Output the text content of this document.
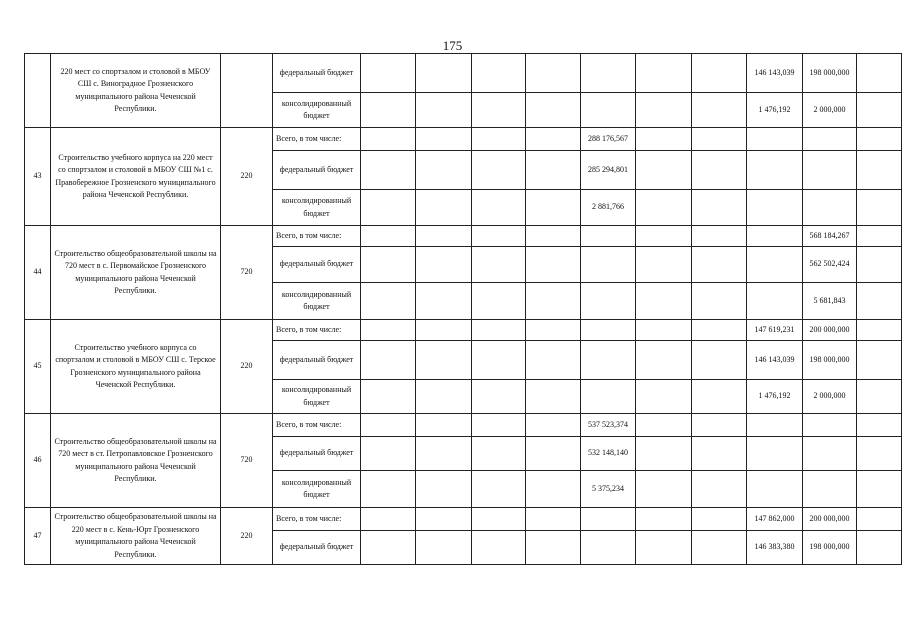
175
	220 мест со спортзалом и столовой в МБОУ СШ с. Виноградное Грозненского муниципального района Чеченской Республики.		федеральный бюджет								146 143,039	198 000,000	
			консолидированный бюджет								1 476,192	2 000,000	
43	Строительство учебного корпуса на 220 мест со спортзалом и столовой в МБОУ СШ №1 с. Правобережное Грозненского муниципального района Чеченской Республики.	220	Всего, в том числе:					288 176,567					
			федеральный бюджет					285 294,801					
			консолидированный бюджет					2 881,766					
44	Строительство общеобразовательной школы на 720 мест в с. Первомайское Грозненского муниципального района Чеченской Республики.	720	Всего, в том числе:									568 184,267	
			федеральный бюджет									562 502,424	
			консолидированный бюджет									5 681,843	
45	Строительство учебного корпуса со спортзалом и столовой в МБОУ СШ с. Терское Грозненского муниципального района Чеченской Республики.	220	Всего, в том числе:								147 619,231	200 000,000	
			федеральный бюджет								146 143,039	198 000,000	
			консолидированный бюджет								1 476,192	2 000,000	
46	Строительство общеобразовательной школы на 720 мест в ст. Петропавловское Грозненского муниципального района Чеченской Республики.	720	Всего, в том числе:					537 523,374					
			федеральный бюджет					532 148,140					
			консолидированный бюджет					5 375,234					
47	Строительство общеобразовательной школы на 220 мест в с. Кень-Юрт Грозненского муниципального района Чеченской Республики.	220	Всего, в том числе:								147 862,000	200 000,000	
			федеральный бюджет								146 383,380	198 000,000	
